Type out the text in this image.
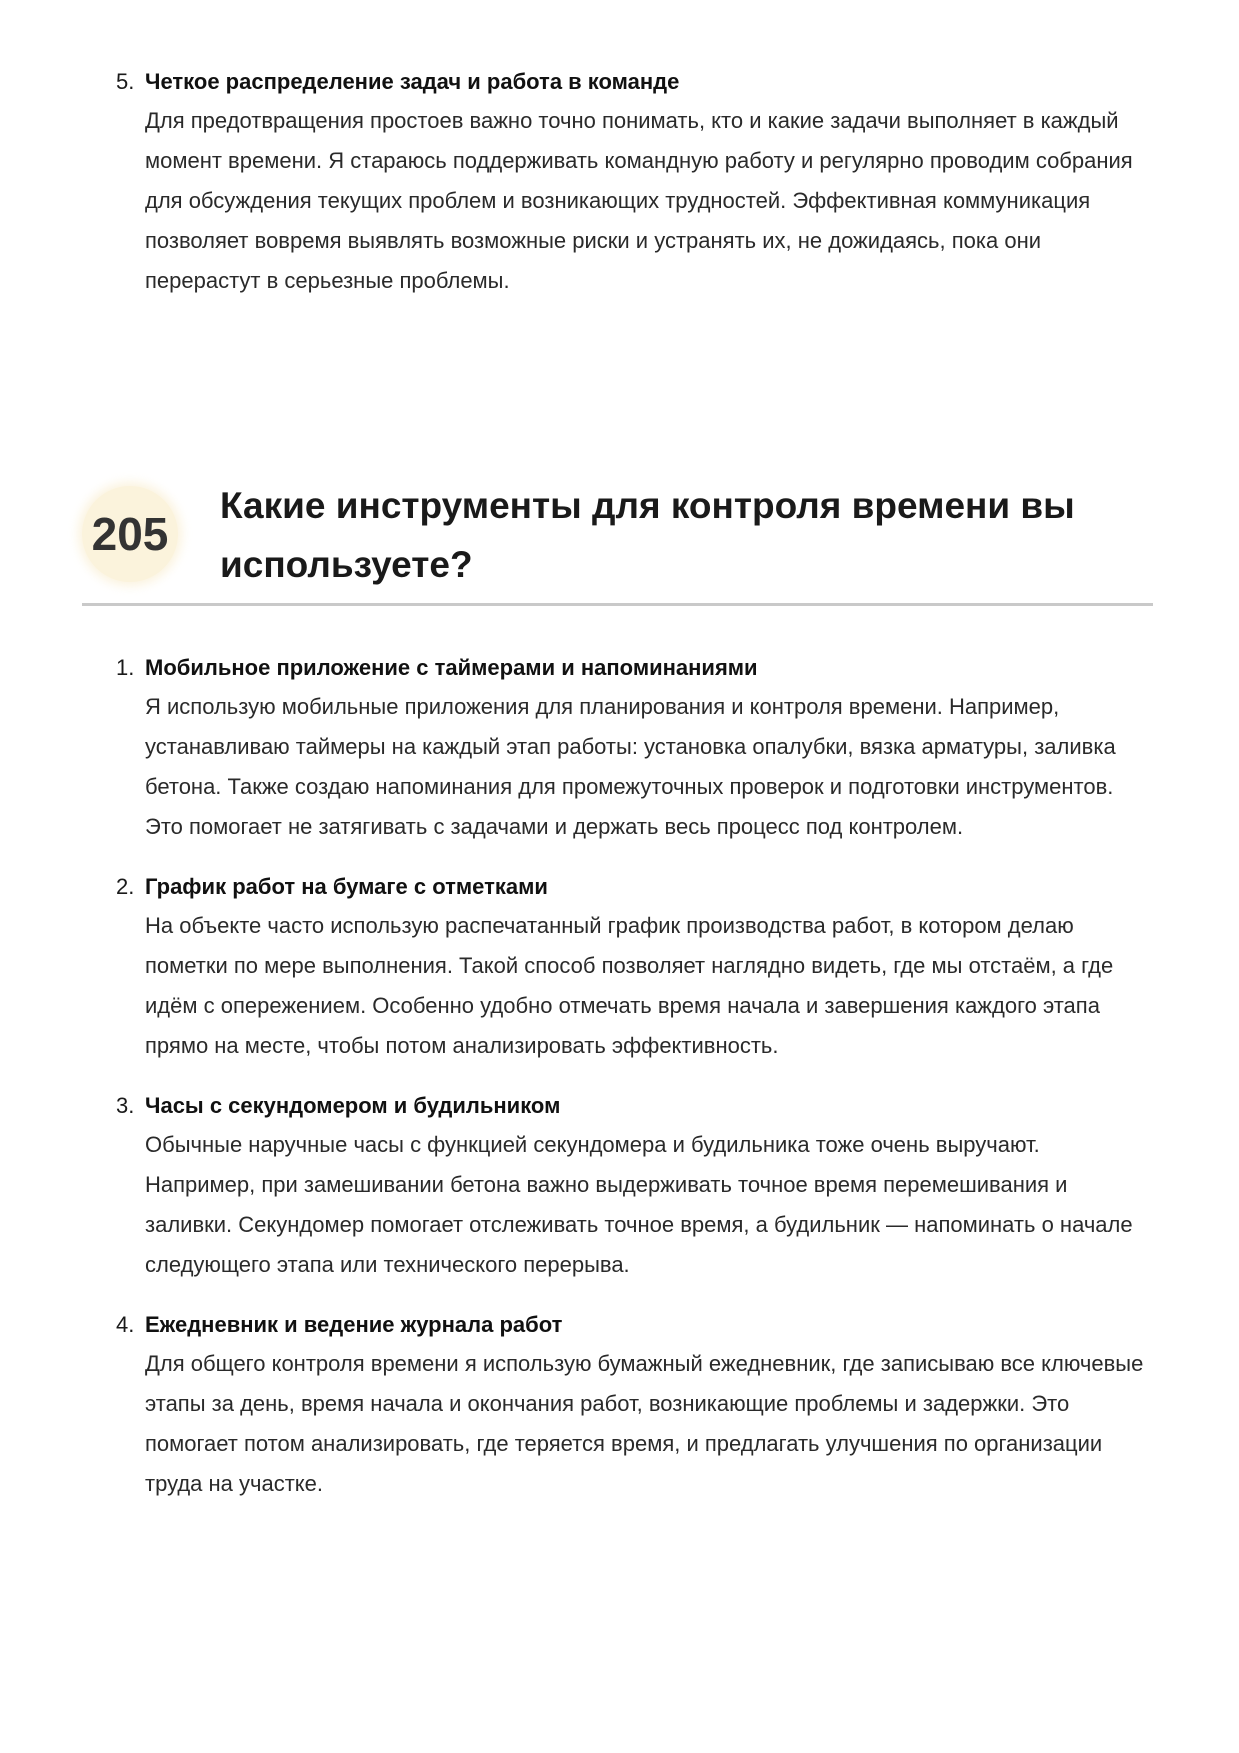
5. Четкое распределение задач и работа в команде
Для предотвращения простоев важно точно понимать, кто и какие задачи выполняет в каждый момент времени. Я стараюсь поддерживать командную работу и регулярно проводим собрания для обсуждения текущих проблем и возникающих трудностей. Эффективная коммуникация позволяет вовремя выявлять возможные риски и устранять их, не дожидаясь, пока они перерастут в серьезные проблемы.
205
Какие инструменты для контроля времени вы используете?
1. Мобильное приложение с таймерами и напоминаниями
Я использую мобильные приложения для планирования и контроля времени. Например, устанавливаю таймеры на каждый этап работы: установка опалубки, вязка арматуры, заливка бетона. Также создаю напоминания для промежуточных проверок и подготовки инструментов. Это помогает не затягивать с задачами и держать весь процесс под контролем.
2. График работ на бумаге с отметками
На объекте часто использую распечатанный график производства работ, в котором делаю пометки по мере выполнения. Такой способ позволяет наглядно видеть, где мы отстаём, а где идём с опережением. Особенно удобно отмечать время начала и завершения каждого этапа прямо на месте, чтобы потом анализировать эффективность.
3. Часы с секундомером и будильником
Обычные наручные часы с функцией секундомера и будильника тоже очень выручают. Например, при замешивании бетона важно выдерживать точное время перемешивания и заливки. Секундомер помогает отслеживать точное время, а будильник — напоминать о начале следующего этапа или технического перерыва.
4. Ежедневник и ведение журнала работ
Для общего контроля времени я использую бумажный ежедневник, где записываю все ключевые этапы за день, время начала и окончания работ, возникающие проблемы и задержки. Это помогает потом анализировать, где теряется время, и предлагать улучшения по организации труда на участке.
